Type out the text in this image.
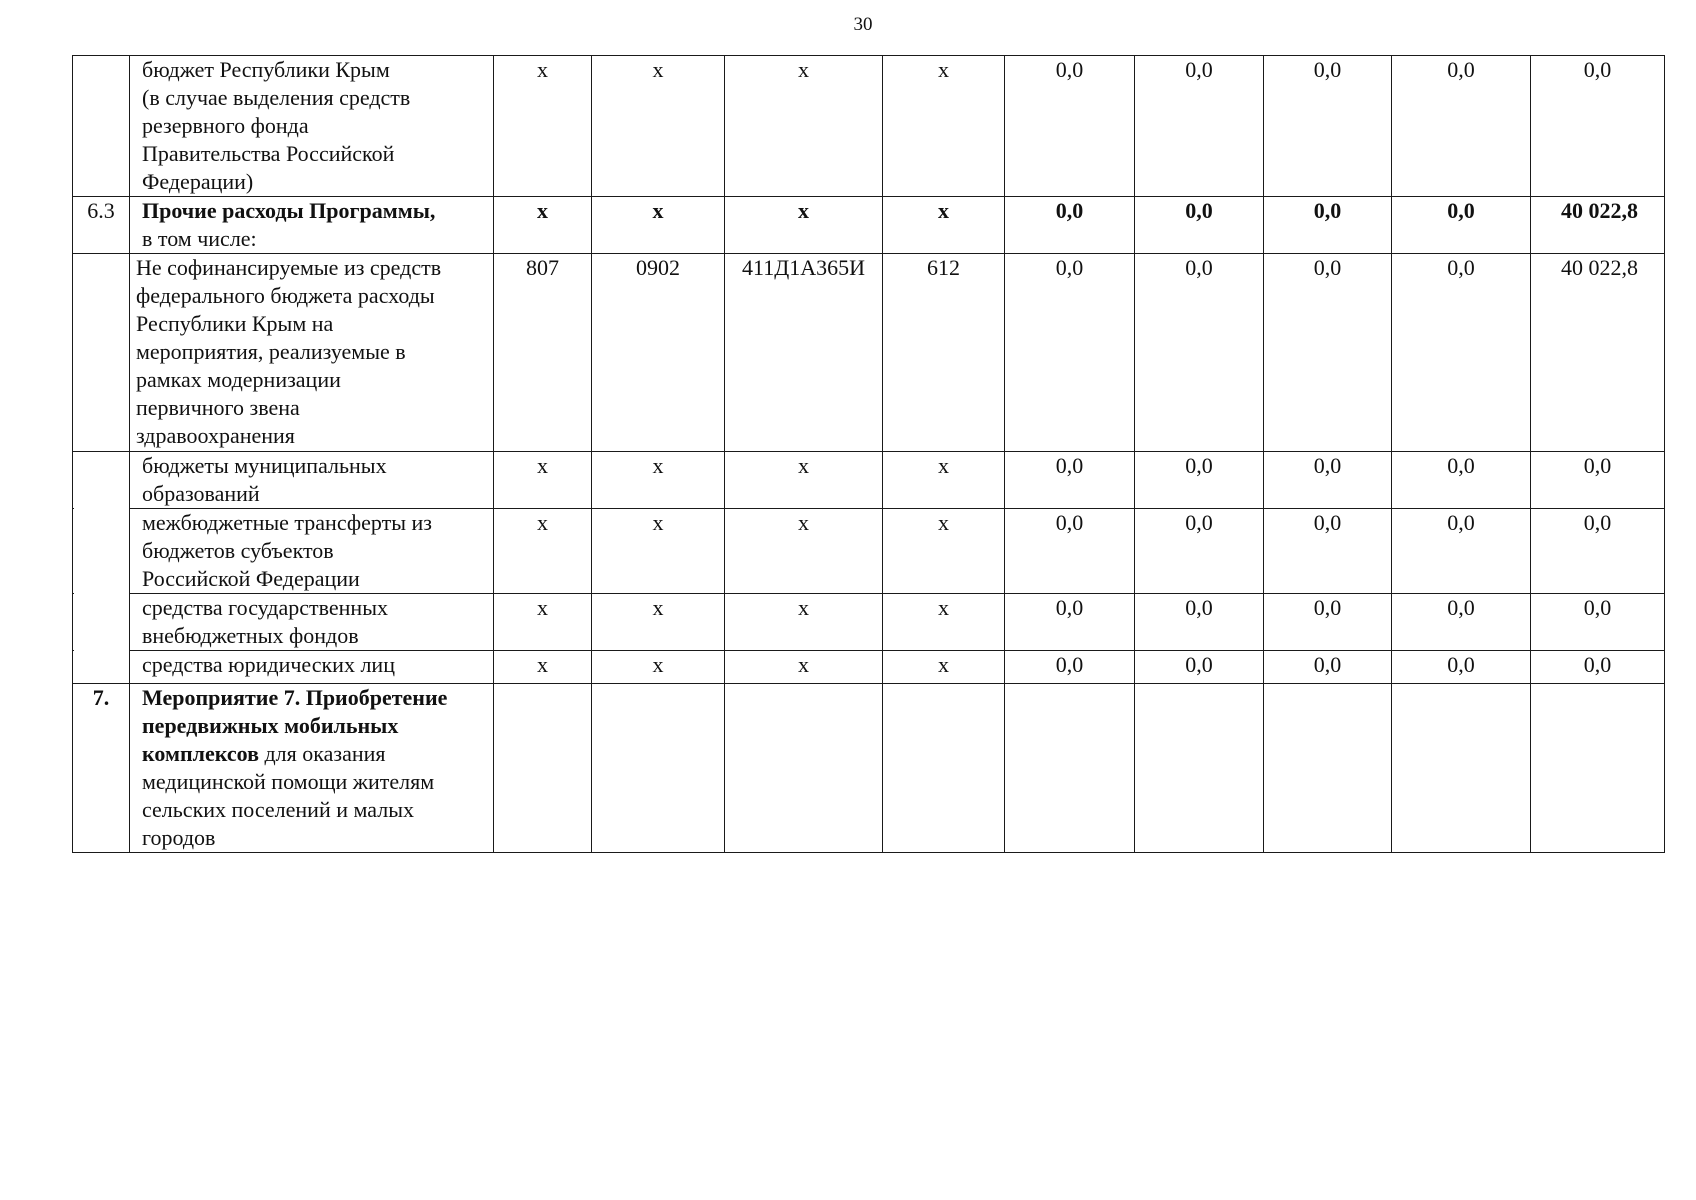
30
бюджет Республики Крым
(в случае выделения средств
резервного фонда
Правительства Российской
Федерации)
х	х	х	х	0,0	0,0	0,0	0,0	0,0
6.3	Прочие расходы Программы,
в том числе:
х	х	х	х	0,0	0,0	0,0	0,0	40 022,8
Не софинансируемые из средств
федерального бюджета расходы
Республики Крым на
мероприятия, реализуемые в
рамках модернизации
первичного звена
здравоохранения
807	0902	411Д1А365И	612	0,0	0,0	0,0	0,0	40 022,8
бюджеты муниципальных
образований
х	х	х	х	0,0	0,0	0,0	0,0	0,0
межбюджетные трансферты из
бюджетов субъектов
Российской Федерации
х	х	х	х	0,0	0,0	0,0	0,0	0,0
средства государственных
внебюджетных фондов
х	х	х	х	0,0	0,0	0,0	0,0	0,0
средства юридических лиц	х	х	х	х	0,0	0,0	0,0	0,0	0,0
7.	Мероприятие 7. Приобретение
передвижных мобильных
комплексов для оказания
медицинской помощи жителям
сельских поселений и малых
городов
